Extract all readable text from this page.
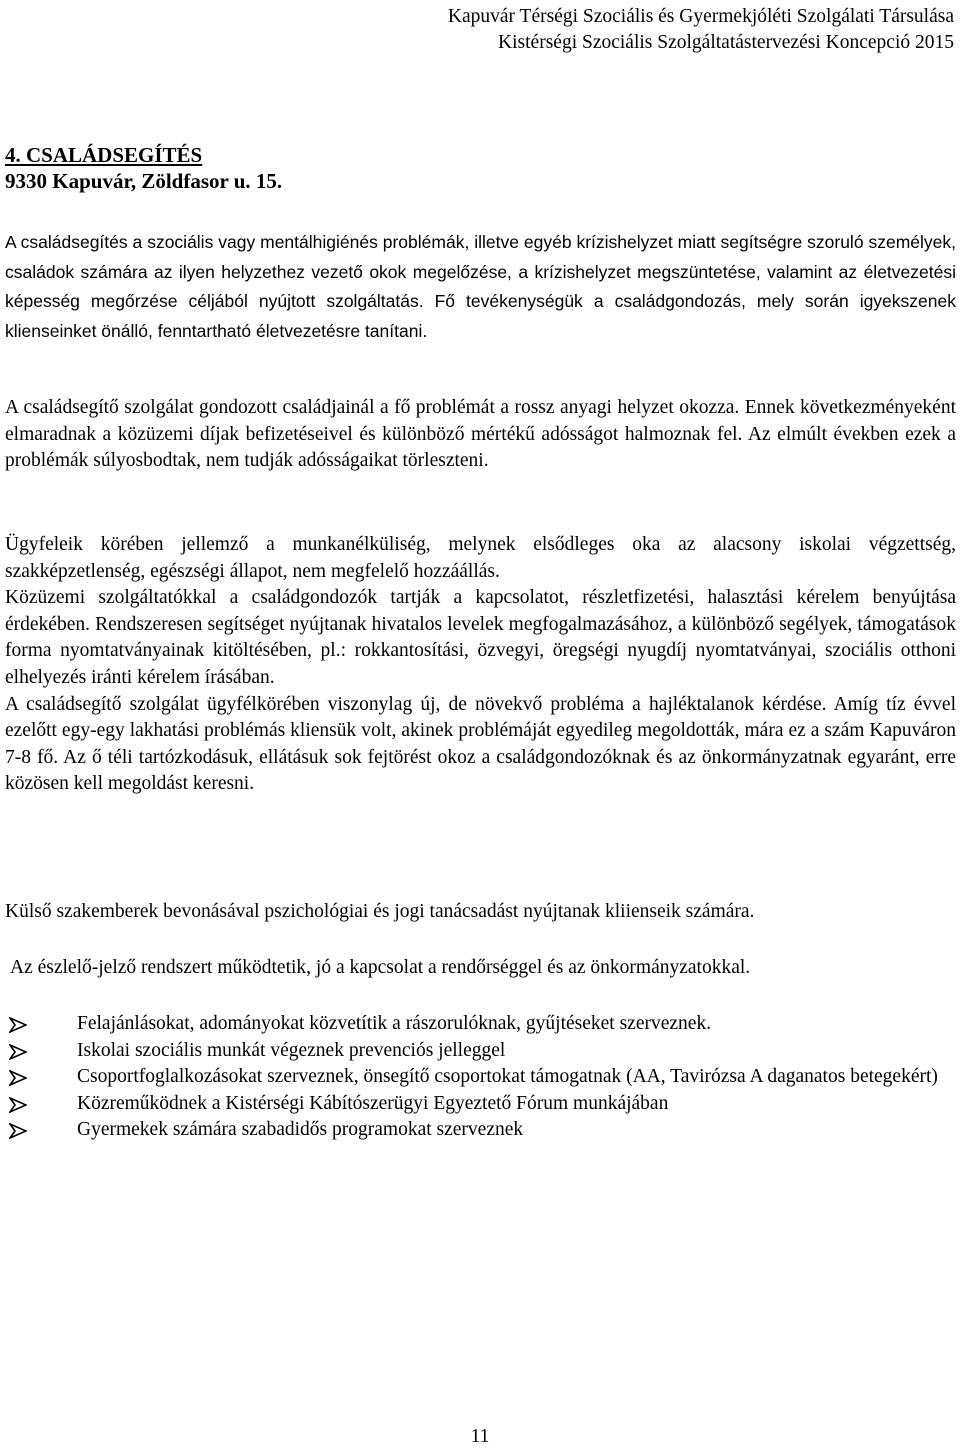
Kapuvár Térségi Szociális és Gyermekjóléti Szolgálati Társulása
Kistérségi Szociális Szolgáltatástervezési Koncepció 2015
4. CSALÁDSEGÍTÉS
9330 Kapuvár, Zöldfasor u. 15.

A családsegítés a szociális vagy mentálhigiénés problémák, illetve egyéb krízishelyzet miatt segítségre szoruló személyek, családok számára az ilyen helyzethez vezető okok megelőzése, a krízishelyzet megszüntetése, valamint az életvezetési képesség megőrzése céljából nyújtott szolgáltatás. Fő tevékenységük a családgondozás, mely során igyekszenek klienseinket önálló, fenntartható életvezetésre tanítani.

A családsegítő szolgálat gondozott családjainál a fő problémát a rossz anyagi helyzet okozza. Ennek következményeként elmaradnak a közüzemi díjak befizetéseivel és különböző mértékű adósságot halmoznak fel. Az elmúlt években ezek a problémák súlyosbodtak, nem tudják adósságaikat törleszteni.

Ügyfeleik körében jellemző a munkanélküliség, melynek elsődleges oka az alacsony iskolai végzettség, szakképzetlenség, egészségi állapot, nem megfelelő hozzáállás.
Közüzemi szolgáltatókkal a családgondozók tartják a kapcsolatot, részletfizetési, halasztási kérelem benyújtása érdekében. Rendszeresen segítséget nyújtanak hivatalos levelek megfogalmazásához, a különböző segélyek, támogatások forma nyomtatványainak kitöltésében, pl.: rokkantosítási, özvegyi, öregségi nyugdíj nyomtatványai, szociális otthoni elhelyezés iránti kérelem írásában.
A családsegítő szolgálat ügyfélkörében viszonylag új, de növekvő probléma a hajléktalanok kérdése. Amíg tíz évvel ezelőtt egy-egy lakhatási problémás kliensük volt, akinek problémáját egyedileg megoldották, mára ez a szám Kapuváron 7-8 fő. Az ő téli tartózkodásuk, ellátásuk sok fejtörést okoz a családgondozóknak és az önkormányzatnak egyaránt, erre közösen kell megoldást keresni.

Külső szakemberek bevonásával pszichológiai és jogi tanácsadást nyújtanak kliienseik számára.

Az észlelő-jelző rendszert működtetik, jó a kapcsolat a rendőrséggel és az önkormányzatokkal.

Felajánlásokat, adományokat közvetítik a rászorulóknak, gyűjtéseket szerveznek.
Iskolai szociális munkát végeznek prevenciós jelleggel
Csoportfoglalkozásokat szerveznek, önsegítő csoportokat támogatnak (AA, Tavirózsa A daganatos betegekért)
Közreműködnek a Kistérségi Kábítószerügyi Egyeztető Fórum munkájában
Gyermekek számára szabadidős programokat szerveznek
11
